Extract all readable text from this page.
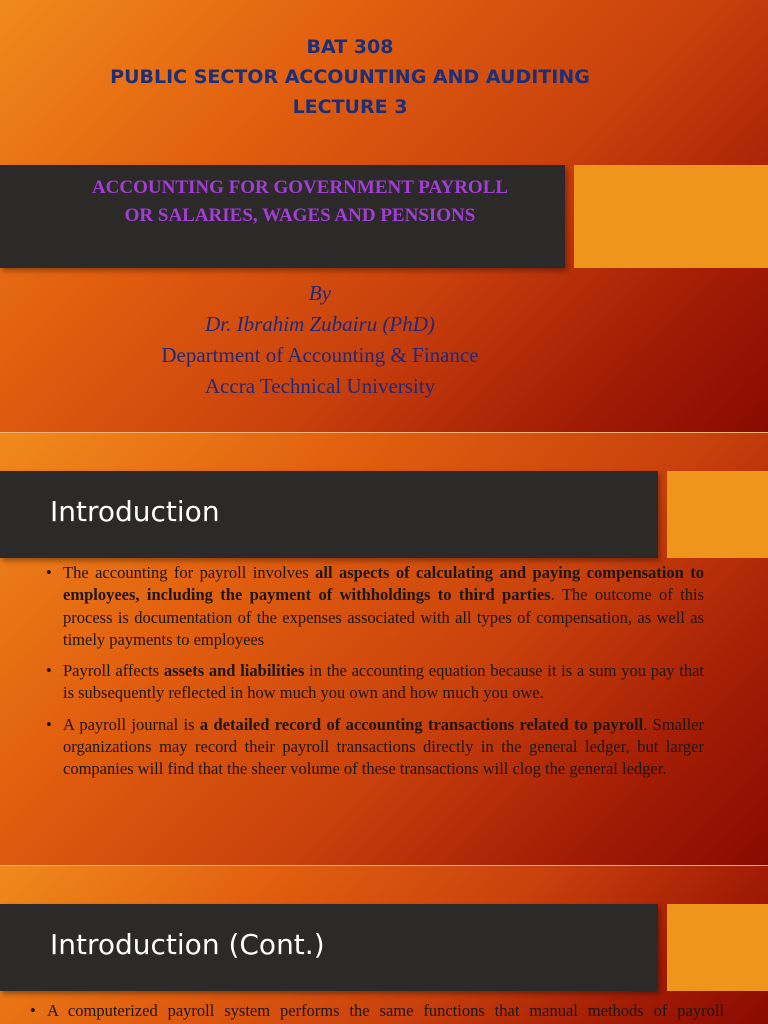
BAT 308
PUBLIC SECTOR ACCOUNTING AND AUDITING
LECTURE 3
ACCOUNTING FOR GOVERNMENT PAYROLL
OR SALARIES, WAGES AND PENSIONS
By
Dr. Ibrahim Zubairu (PhD)
Department of Accounting & Finance
Accra Technical University
Introduction
• The accounting for payroll involves all aspects of calculating and paying compensation to employees, including the payment of withholdings to third parties. The outcome of this process is documentation of the expenses associated with all types of compensation, as well as timely payments to employees
• Payroll affects assets and liabilities in the accounting equation because it is a sum you pay that is subsequently reflected in how much you own and how much you owe.
• A payroll journal is a detailed record of accounting transactions related to payroll. Smaller organizations may record their payroll transactions directly in the general ledger, but larger companies will find that the sheer volume of these transactions will clog the general ledger.
Introduction (Cont.)
• A computerized payroll system performs the same functions that manual methods of payroll
